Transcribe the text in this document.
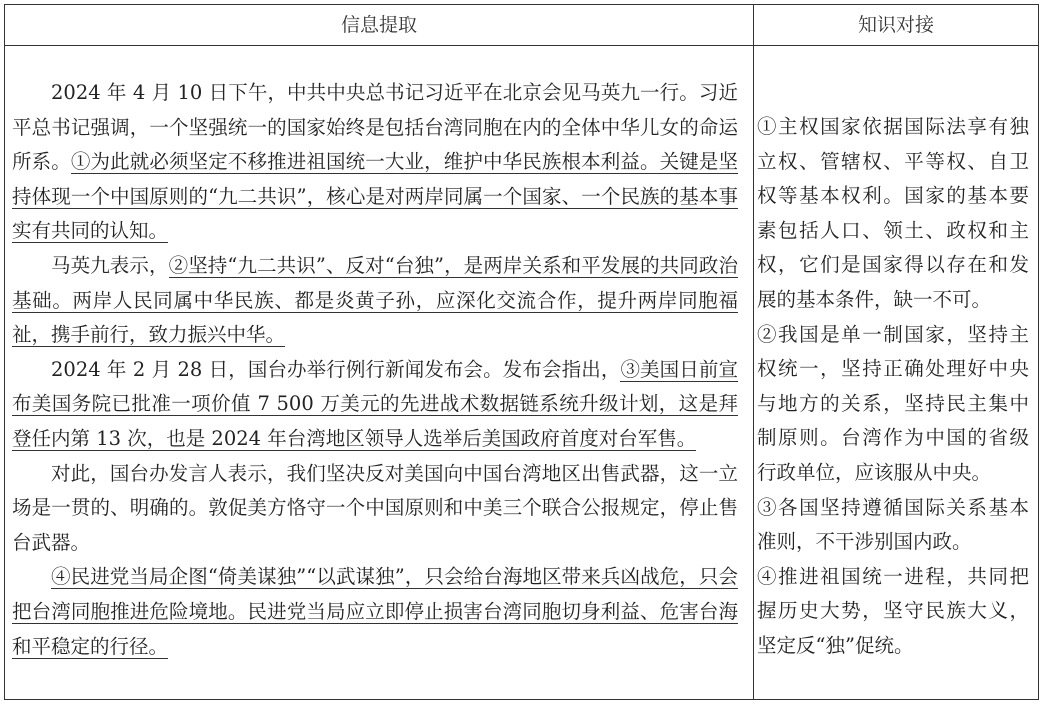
信息提取	知识对接

2024 年 4 月 10 日下午，中共中央总书记习近平在北京会见马英九一行。习近平总书记强调，一个坚强统一的国家始终是包括台湾同胞在内的全体中华儿女的命运所系。①为此就必须坚定不移推进祖国统一大业，维护中华民族根本利益。关键是坚持体现一个中国原则的“九二共识”，核心是对两岸同属一个国家、一个民族的基本事实有共同的认知。

马英九表示，②坚持“九二共识”、反对“台独”，是两岸关系和平发展的共同政治基础。两岸人民同属中华民族、都是炎黄子孙，应深化交流合作，提升两岸同胞福祉，携手前行，致力振兴中华。

2024 年 2 月 28 日，国台办举行例行新闻发布会。发布会指出，③美国日前宣布美国务院已批准一项价值 7 500 万美元的先进战术数据链系统升级计划，这是拜登任内第 13 次，也是 2024 年台湾地区领导人选举后美国政府首度对台军售。

对此，国台办发言人表示，我们坚决反对美国向中国台湾地区出售武器，这一立场是一贯的、明确的。敦促美方恪守一个中国原则和中美三个联合公报规定，停止售台武器。

④民进党当局企图“倚美谋独”“以武谋独”，只会给台海地区带来兵凶战危，只会把台湾同胞推进危险境地。民进党当局应立即停止损害台湾同胞切身利益、危害台海和平稳定的行径。

①主权国家依据国际法享有独立权、管辖权、平等权、自卫权等基本权利。国家的基本要素包括人口、领土、政权和主权，它们是国家得以存在和发展的基本条件，缺一不可。

②我国是单一制国家，坚持主权统一，坚持正确处理好中央与地方的关系，坚持民主集中制原则。台湾作为中国的省级行政单位，应该服从中央。

③各国坚持遵循国际关系基本准则，不干涉别国内政。

④推进祖国统一进程，共同把握历史大势，坚守民族大义，坚定反“独”促统。
